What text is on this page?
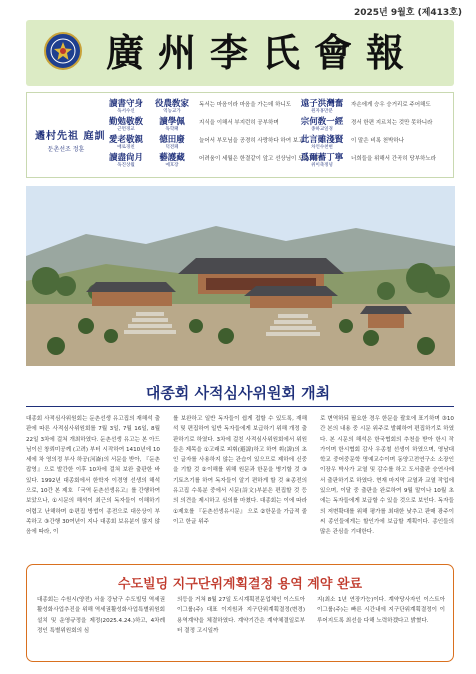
2025년 9월호 (제413호)
廣州李氏會報
遹村先祖 庭訓
둔촌선조 정훈
讀書守身
독서수신
役農敎家
역농교가
독서는 마음이라 마음을 가는데 하니도
勤勉敬敎
근면경교
讀學佩
독학패
지식을 이해서 부지런히 공부하며
愛老敬親
애로경친
德田廢
덕전폐
늘어서 부모님을 공경히 사랑하다 하여 보고
讀盡尙月
독진상월
藝護藏
예호장
어려움이 세월은 한결같이 앞고 선상님이 도로도다
遠子洪灣奮
원자홍만분
자손에게 승우 승거리로 주어해도
宗何敎一經
종하교일경
경서 한편 지르치는 것만 못하니라
此言雖淺賢
차언수천현
이 말은 비록 천박하나
爲爾蓄丁寧
위이축정녕
너희들을 위해서 간곡히 당부하노라
대종회 사적심사위원회 개최

대종회 사적심사위원회는 둔촌선생 유고집의 재해석 출판에 따른 사적심사위원회를 7월 3일, 7월 16일, 8월 22일 3차에 걸쳐 개최하였다. 둔촌선생 유고는 본 아드님이신 창뢰미공께 (고려) 부터 시작하여 1410년에 10 세에 차 영의정 부사 하공(河崙)의 서문을 받아, 『둔촌잡영』으로 발간한 이후 10차에 걸쳐 보완 출판한 바 있다. 1992년 대종회에서 한학자 이경영 선생의 해석으로, 10간 본 제호 『국역 둔촌선생유고』를 간행하여 보았으나, ①시문의 해석이 최근의 독자들이 이해하기 어렵고 난해하며 ②편집 방법이 종전으로 대응상이 부족하고 ③간행 30여년이 지나 대종회 보유분이 많지 않음에 따라, 이

를 보완하고 일반 독자들이 쉽게 접할 수 있도록, 재해석 및 편집하여 일반 독자들에게 보급하기 위해 개정 출판하기로 하였다. 3차에 걸친 사적심사위원회에서 위원들은 제목을 ①고래로 피휘(避諱)하고 하여 휘(諱)의 초인 글자를 사용하지 않는 관습이 있으므로 제하에 신중을 기할 것 ②이해를 위해 원문과 한문을 병기할 것 ③기토츠기를 하여 독자들이 알기 편하게 할 것 ④종전의 유고집 수록분 중에서 시문(詩文)부분은 편집할 것 등의 의견을 제시하고 심의를 마쳤다. 대종회는 이에 따라 ①제호를 『둔촌선생유시문』 으로 ②한문을 가급적 줄이고 한글 위주

로 변역하되 필요한 경우 한문을 괄호에 표기하며 ③10간 본의 내용 중 시문 위주로 발췌하여 편집하기로 하였다. 본 시문의 해석은 한국협회의 추천을 받아 한시 작가이며 한시협회 감사 우종철 선생이 하였으며, 영남대학교 중어중문학 명예교수이며 동양고전연구소 소장인 이장우 박사가 교열 및 감수를 하고 도서출판 승연사에서 출판하기로 하였다. 현재 마지막 교열과 교열 작업에 있으며, 이달 중 출판을 완료하여 9월 말이나 10월 초에는 독자들에게 보급할 수 있을 것으로 보인다. 독자들의 저변확대를 위해 평가를 최대한 낮추고 판매 광주이씨 종인들에게는 할인가에 보급할 계획이다. 종인들의 많은 관심을 기대한다.

수도빌딩 지구단위계획결정 용역 계약 완료

대종회는 수원시(양전) 서울 강남구 수도빌딩 역세권활성화사업추진을 위해 역세권활성화사업특별위원회 설치 및 운영규정을 제정(2025.4.24.)하고, 4차례정인 특별위원회의 심

의등을 거쳐 8월 27일 도시계획전문업체인 이스트아이그룹(주) 대표 이지원과 지구단위계획결정(변경) 용역계약을 체결하였다. 계약기간은 계약체결일로부터 결정 고시일까

지(최소 1년 연장가능)이다. 계약당사자인 이스트아이그룹(주)는 빠른 시간내에 지구단위계획결정이 이루어지도록 최선을 다해 노력하겠다고 밝혔다.
